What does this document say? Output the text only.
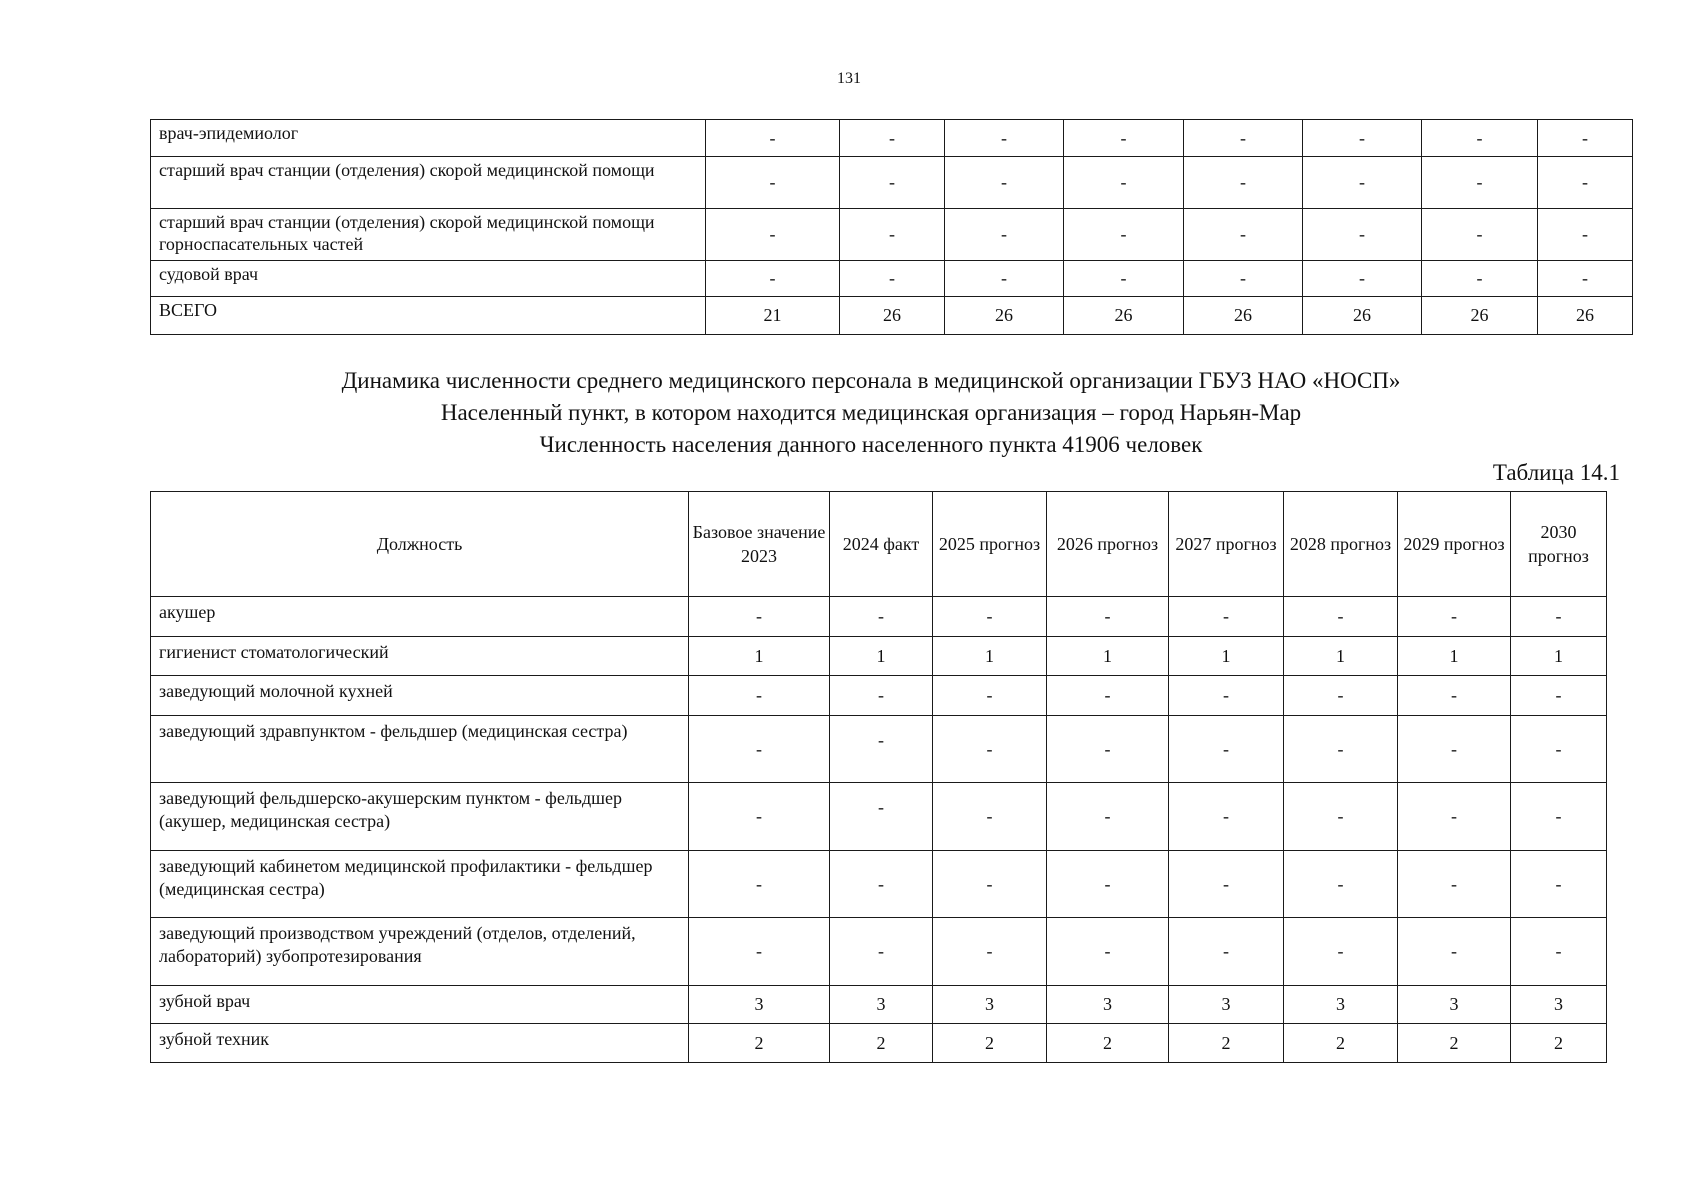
131
врач-эпидемиолог	-	-	-	-	-	-	-	-
старший врач станции (отделения) скорой медицинской помощи	-	-	-	-	-	-	-	-
старший врач станции (отделения) скорой медицинской помощи горноспасательных частей	-	-	-	-	-	-	-	-
судовой врач	-	-	-	-	-	-	-	-
ВСЕГО	21	26	26	26	26	26	26	26
Динамика численности среднего медицинского персонала в медицинской организации ГБУЗ НАО «НОСП»
Населенный пункт, в котором находится медицинская организация – город Нарьян-Мар
Численность населения данного населенного пункта 41906 человек
Таблица 14.1
Должность	Базовое значение 2023	2024 факт	2025 прогноз	2026 прогноз	2027 прогноз	2028 прогноз	2029 прогноз	2030 прогноз
акушер	-	-	-	-	-	-	-	-
гигиенист стоматологический	1	1	1	1	1	1	1	1
заведующий молочной кухней	-	-	-	-	-	-	-	-
заведующий здравпунктом - фельдшер (медицинская сестра)	-	-	-	-	-	-	-	-
заведующий фельдшерско-акушерским пунктом - фельдшер (акушер, медицинская сестра)	-	-	-	-	-	-	-	-
заведующий кабинетом медицинской профилактики - фельдшер (медицинская сестра)	-	-	-	-	-	-	-	-
заведующий производством учреждений (отделов, отделений, лабораторий) зубопротезирования	-	-	-	-	-	-	-	-
зубной врач	3	3	3	3	3	3	3	3
зубной техник	2	2	2	2	2	2	2	2
